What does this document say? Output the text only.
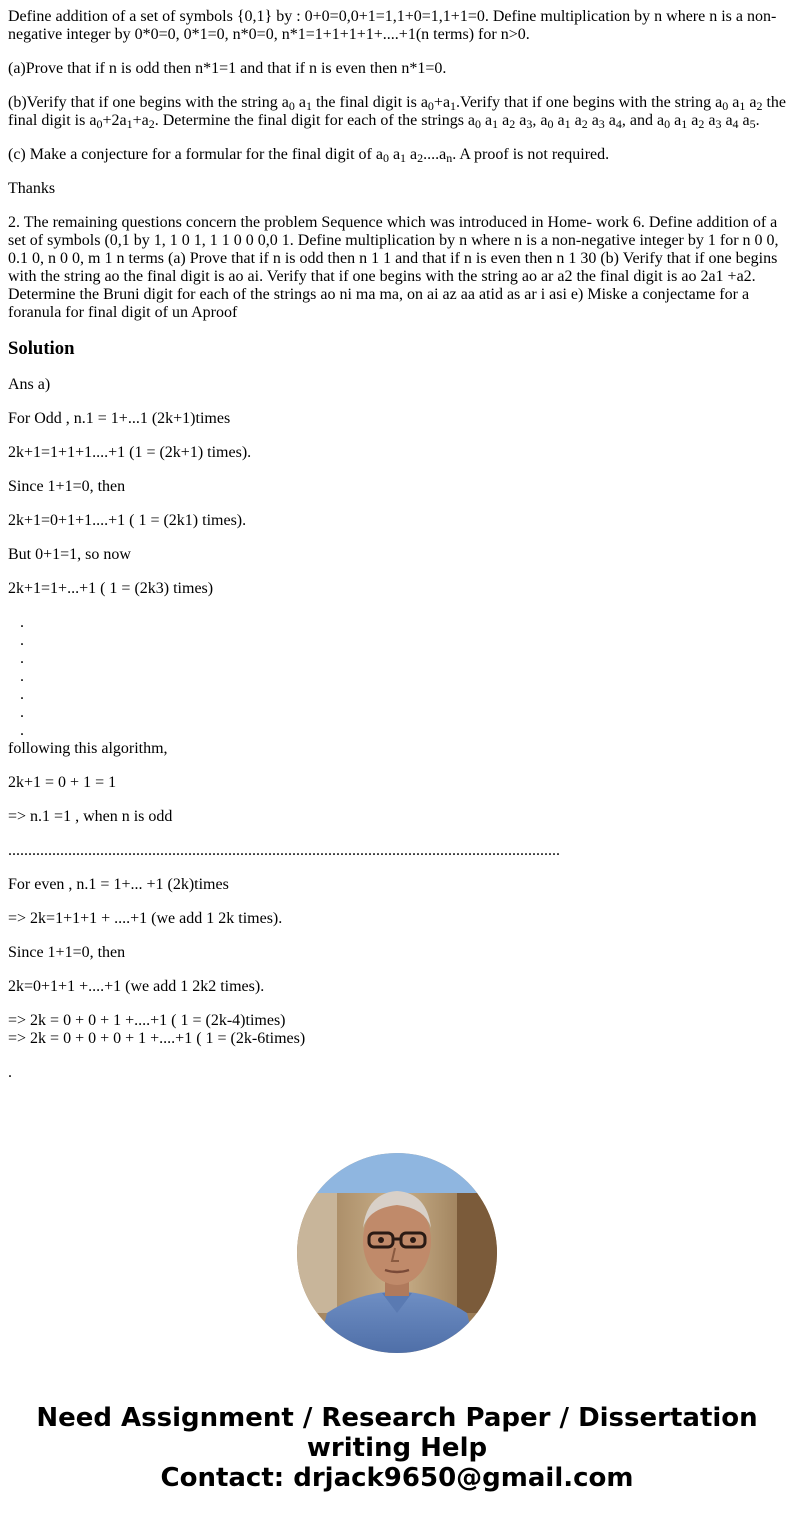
Define addition of a set of symbols {0,1} by : 0+0=0,0+1=1,1+0=1,1+1=0. Define multiplication by n where n is a non-negative integer by 0*0=0, 0*1=0, n*0=0, n*1=1+1+1+1+....+1(n terms) for n>0.

(a)Prove that if n is odd then n*1=1 and that if n is even then n*1=0.

(b)Verify that if one begins with the string $a_0$ $a_1$ the final digit is $a_0+a_1.Verify$ that if one begins with the string $a_0$ $a_1$ $a_2$ the final digit is $a_0+2a_1+a_2$. Determine the final digit for each of the strings $a_0$ $a_1$ $a_2$ $a_3$, $a_0$ $a_1$ $a_2$ $a_3$ $a_4$, and $a_0$ $a_1$ $a_2$ $a_3$ $a_4$ $a_5$.

(c) Make a conjecture for a formular for the final digit of $a_0$ $a_1$ $a_2....a_n$. A proof is not required.

Thanks

2. The remaining questions concern the problem Sequence which was introduced in Home- work 6. Define addition of a set of symbols (0,1 by 1, 1 0 1, 1 1 0 0 0,0 1. Define multiplication by n where n is a non-negative integer by 1 for n 0 0, 0.1 0, n 0 0, m 1 n terms (a) Prove that if n is odd then n 1 1 and that if n is even then n 1 30 (b) Verify that if one begins with the string ao the final digit is ao ai. Verify that if one begins with the string ao ar a2 the final digit is ao 2a1 +a2. Determine the Bruni digit for each of the strings ao ni ma ma, on ai az aa atid as ar i asi e) Miske a conjectame for a foranula for final digit of un Aproof

Solution

Ans a)

For Odd , n.1 = 1+...1 (2k+1)times

2k+1=1+1+1....+1 (1 = (2k+1) times).

Since 1+1=0, then

2k+1=0+1+1....+1 ( 1 = (2k1) times).

But 0+1=1, so now

2k+1=1+...+1 ( 1 = (2k3) times)

.
.
.
.
.
.
.

following this algorithm,

2k+1 = 0 + 1 = 1

=> n.1 =1 , when n is odd

..........................................................................................................................................

For even , n.1 = 1+... +1 (2k)times

=> 2k=1+1+1 + ....+1 (we add 1 2k times).

Since 1+1=0, then

2k=0+1+1 +....+1 (we add 1 2k2 times).

=> 2k = 0 + 0 + 1 +....+1 ( 1 = (2k-4)times)

=> 2k = 0 + 0 + 0 + 1 +....+1 ( 1 = (2k-6times)

.

Need Assignment / Research Paper / Dissertation
writing Help
Contact: drjack9650@gmail.com
